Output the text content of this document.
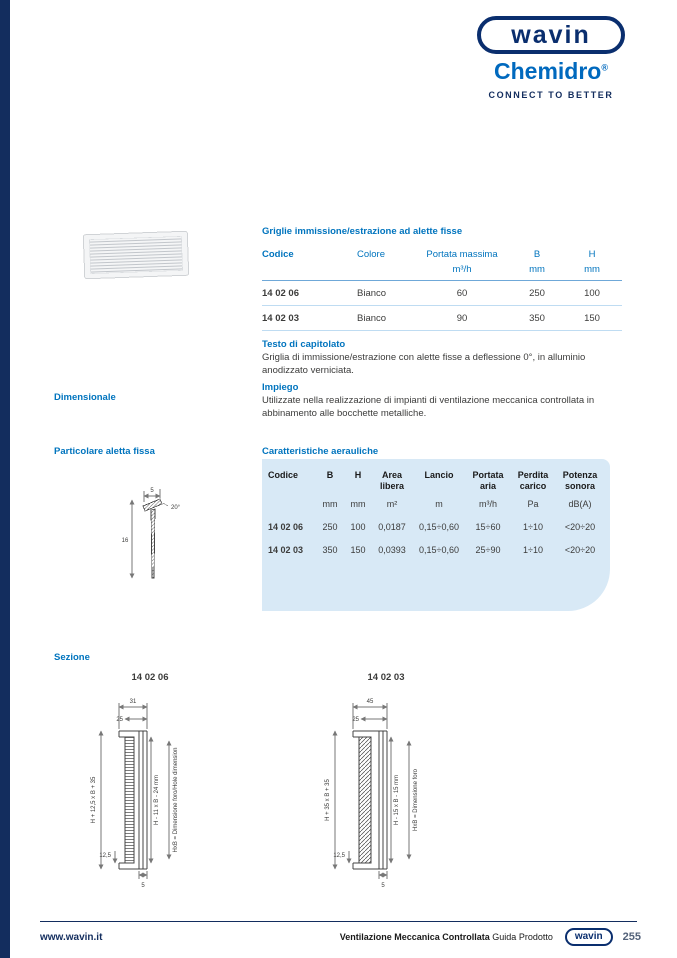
wavin
Chemidro®
CONNECT TO BETTER
Griglie immissione/estrazione ad alette fisse
Codice	Colore	Portata massima	B	H
		m³/h	mm	mm
14 02 06	Bianco	60	250	100
14 02 03	Bianco	90	350	150
Testo di capitolato

Griglia di immissione/estrazione con alette fisse a deflessione 0°, in alluminio anodizzato verniciata.

Impiego

Utilizzate nella realizzazione di impianti di ventilazione meccanica controllata in abbinamento alle bocchette metalliche.

Dimensionale
Particolare aletta fissa
Sezione
5
20°
16
Caratteristiche aerauliche
Codice	B	H	Area libera	Lancio	Portata aria	Perdita carico	Potenza sonora
	mm	mm	m²	m	m³/h	Pa	dB(A)
14 02 06	250	100	0,0187	0,15÷0,60	15÷60	1÷10	<20÷20
14 02 03	350	150	0,0393	0,15÷0,60	25÷90	1÷10	<20÷20
14 02 06
31
25
H + 12,5 x B + 35	H - 11 x B - 24 mm HxB = Dimensione foro/Hole dimension
12,5
5
14 02 03
45
25
H + 35 x B + 35	H - 15 x B - 15 mm HxB = Dimensione foro
12,5
5
www.wavin.it	Ventilazione Meccanica Controllata Guida Prodotto	wavin	255
